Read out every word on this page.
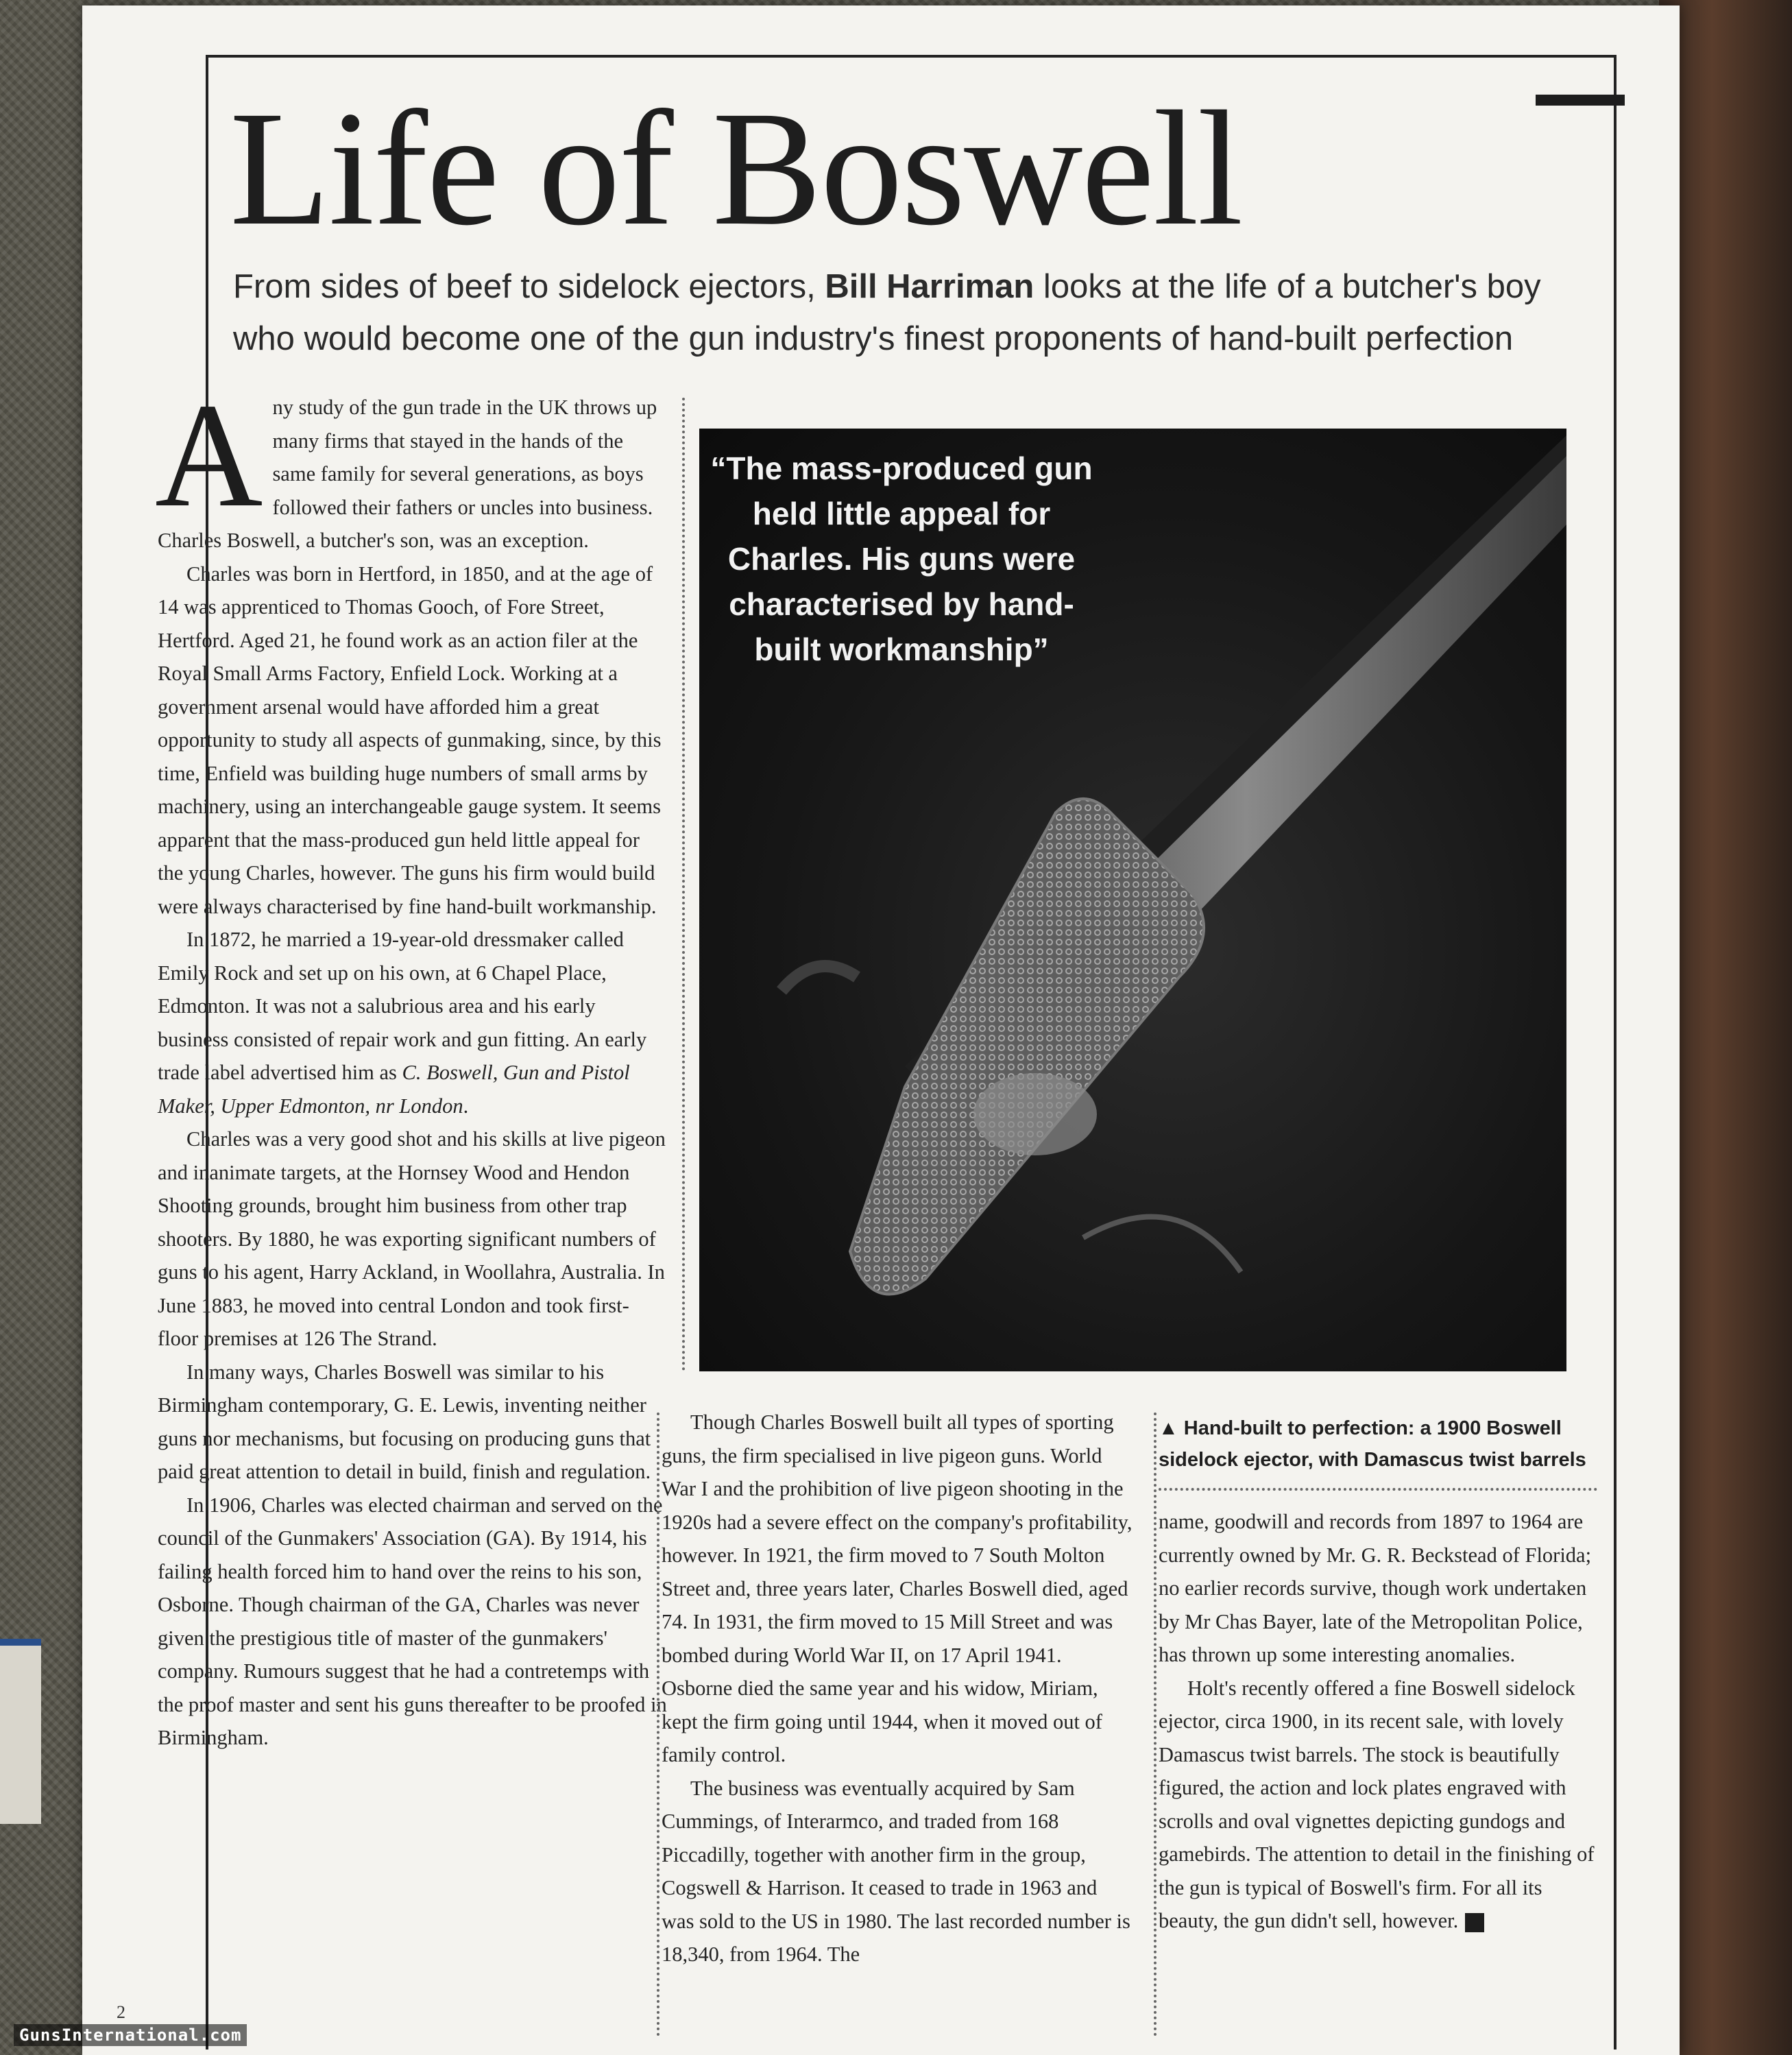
Life of Boswell
From sides of beef to sidelock ejectors, Bill Harriman looks at the life of a butcher's boy who would become one of the gun industry's finest proponents of hand-built perfection

Any study of the gun trade in the UK throws up many firms that stayed in the hands of the same family for several generations, as boys followed their fathers or uncles into business. Charles Boswell, a butcher's son, was an exception.

Charles was born in Hertford, in 1850, and at the age of 14 was apprenticed to Thomas Gooch, of Fore Street, Hertford. Aged 21, he found work as an action filer at the Royal Small Arms Factory, Enfield Lock. Working at a government arsenal would have afforded him a great opportunity to study all aspects of gunmaking, since, by this time, Enfield was building huge numbers of small arms by machinery, using an interchangeable gauge system. It seems apparent that the mass-produced gun held little appeal for the young Charles, however. The guns his firm would build were always characterised by fine hand-built workmanship.

In 1872, he married a 19-year-old dressmaker called Emily Rock and set up on his own, at 6 Chapel Place, Edmonton. It was not a salubrious area and his early business consisted of repair work and gun fitting. An early trade label advertised him as C. Boswell, Gun and Pistol Maker, Upper Edmonton, nr London.

Charles was a very good shot and his skills at live pigeon and inanimate targets, at the Hornsey Wood and Hendon Shooting grounds, brought him business from other trap shooters. By 1880, he was exporting significant numbers of guns to his agent, Harry Ackland, in Woollahra, Australia. In June 1883, he moved into central London and took first-floor premises at 126 The Strand.

In many ways, Charles Boswell was similar to his Birmingham contemporary, G. E. Lewis, inventing neither guns nor mechanisms, but focusing on producing guns that paid great attention to detail in build, finish and regulation.

In 1906, Charles was elected chairman and served on the council of the Gunmakers' Association (GA). By 1914, his failing health forced him to hand over the reins to his son, Osborne. Though chairman of the GA, Charles was never given the prestigious title of master of the gunmakers' company. Rumours suggest that he had a contretemps with the proof master and sent his guns thereafter to be proofed in Birmingham.

“The mass-produced gun held little appeal for Charles. His guns were characterised by hand-built workmanship”

Though Charles Boswell built all types of sporting guns, the firm specialised in live pigeon guns. World War I and the prohibition of live pigeon shooting in the 1920s had a severe effect on the company's profitability, however. In 1921, the firm moved to 7 South Molton Street and, three years later, Charles Boswell died, aged 74. In 1931, the firm moved to 15 Mill Street and was bombed during World War II, on 17 April 1941. Osborne died the same year and his widow, Miriam, kept the firm going until 1944, when it moved out of family control.

The business was eventually acquired by Sam Cummings, of Interarmco, and traded from 168 Piccadilly, together with another firm in the group, Cogswell & Harrison. It ceased to trade in 1963 and was sold to the US in 1980. The last recorded number is 18,340, from 1964. The

▲ Hand-built to perfection: a 1900 Boswell sidelock ejector, with Damascus twist barrels

name, goodwill and records from 1897 to 1964 are currently owned by Mr. G. R. Beckstead of Florida; no earlier records survive, though work undertaken by Mr Chas Bayer, late of the Metropolitan Police, has thrown up some interesting anomalies.

Holt's recently offered a fine Boswell sidelock ejector, circa 1900, in its recent sale, with lovely Damascus twist barrels. The stock is beautifully figured, the action and lock plates engraved with scrolls and oval vignettes depicting gundogs and gamebirds. The attention to detail in the finishing of the gun is typical of Boswell's firm. For all its beauty, the gun didn't sell, however.

2
GunsInternational.com
